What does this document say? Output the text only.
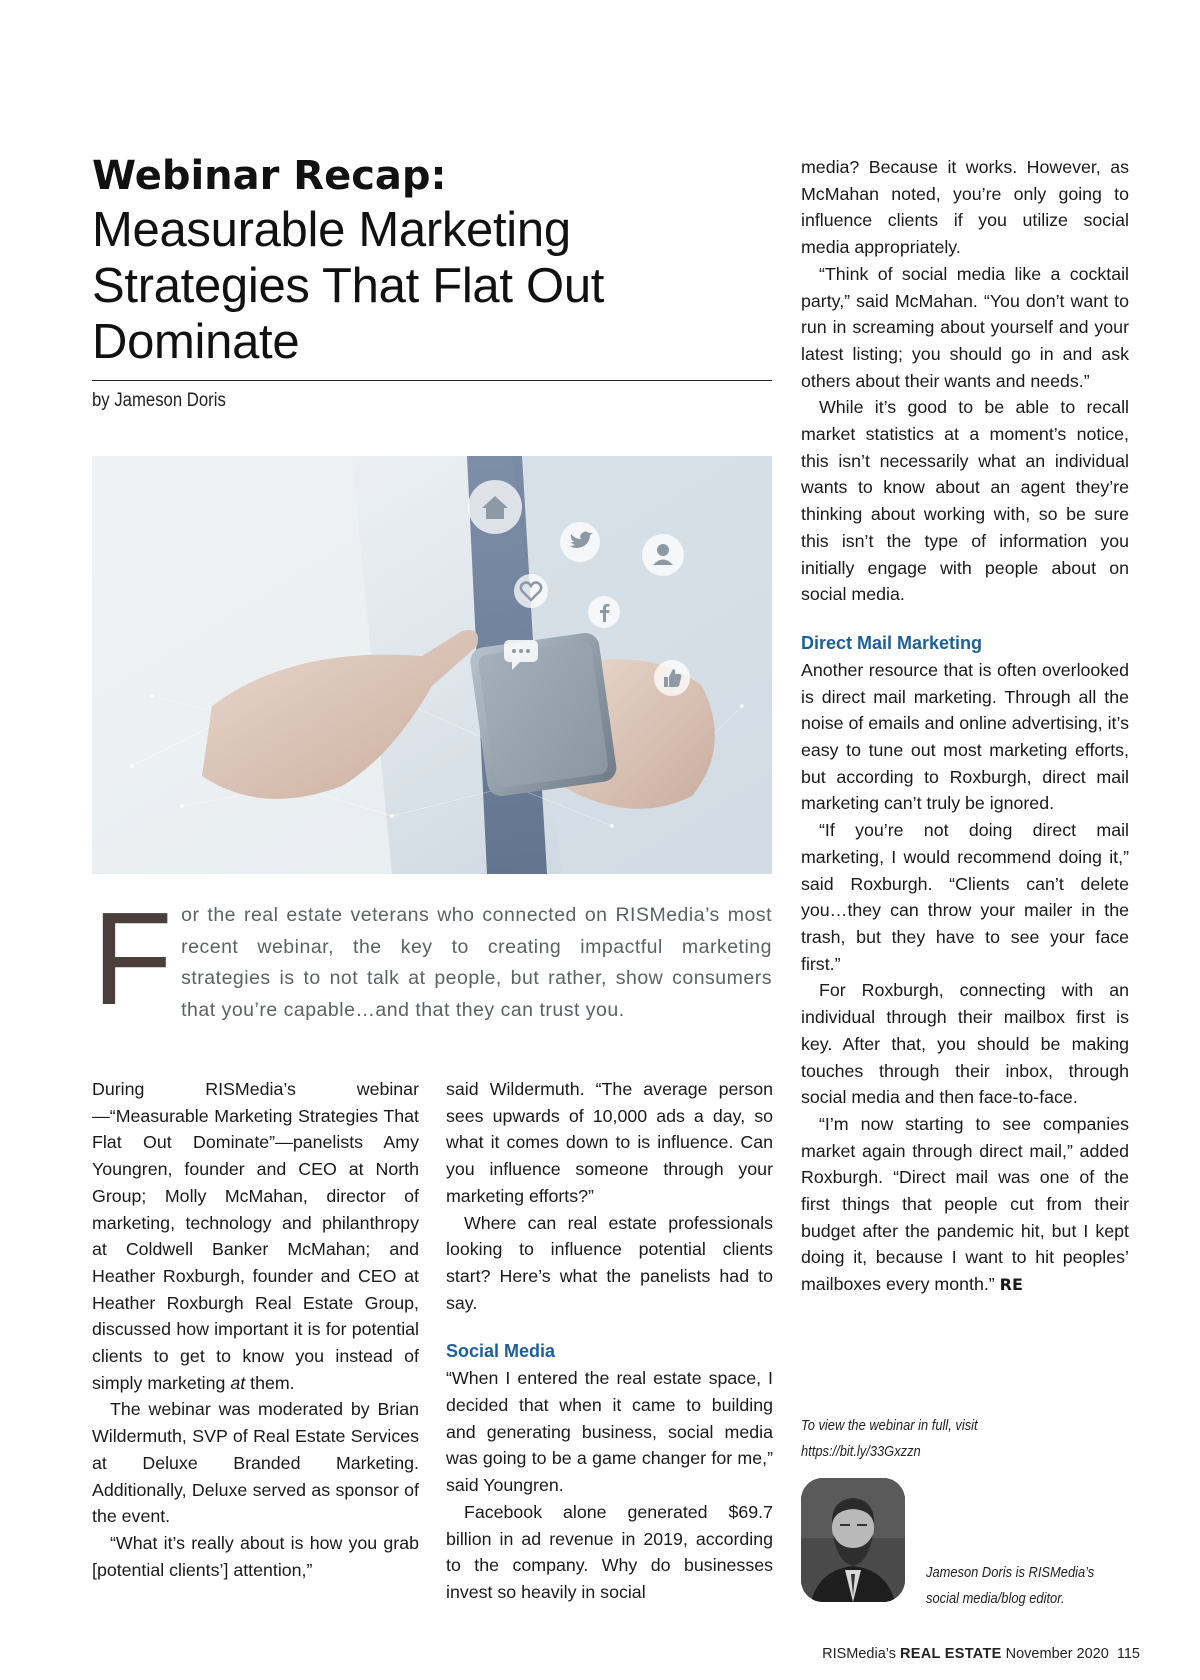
Webinar Recap:
Measurable Marketing
Strategies That Flat Out
Dominate
by Jameson Doris
F or the real estate veterans who connected on RISMedia’s most recent webinar, the key to creating impactful marketing strategies is to not talk at people, but rather, show consumers that you’re capable…and that they can trust you.

During RISMedia’s webinar—“Measurable Marketing Strategies That Flat Out Dominate”—panelists Amy Youngren, founder and CEO at North Group; Molly McMahan, director of marketing, technology and philanthropy at Coldwell Banker McMahan; and Heather Roxburgh, founder and CEO at Heather Roxburgh Real Estate Group, discussed how important it is for potential clients to get to know you instead of simply marketing at them.

The webinar was moderated by Brian Wildermuth, SVP of Real Estate Services at Deluxe Branded Marketing. Additionally, Deluxe served as sponsor of the event.

“What it’s really about is how you grab [potential clients’] attention,”

said Wildermuth. “The average person sees upwards of 10,000 ads a day, so what it comes down to is influence. Can you influence someone through your marketing efforts?”

Where can real estate professionals looking to influence potential clients start? Here’s what the panelists had to say.

Social Media

“When I entered the real estate space, I decided that when it came to building and generating business, social media was going to be a game changer for me,” said Youngren.

Facebook alone generated $69.7 billion in ad revenue in 2019, according to the company. Why do businesses invest so heavily in social

media? Because it works. However, as McMahan noted, you’re only going to influence clients if you utilize social media appropriately.

“Think of social media like a cocktail party,” said McMahan. “You don’t want to run in screaming about yourself and your latest listing; you should go in and ask others about their wants and needs.”

While it’s good to be able to recall market statistics at a moment’s notice, this isn’t necessarily what an individual wants to know about an agent they’re thinking about working with, so be sure this isn’t the type of information you initially engage with people about on social media.

Direct Mail Marketing

Another resource that is often overlooked is direct mail marketing. Through all the noise of emails and online advertising, it’s easy to tune out most marketing efforts, but according to Roxburgh, direct mail marketing can’t truly be ignored.

“If you’re not doing direct mail marketing, I would recommend doing it,” said Roxburgh. “Clients can’t delete you…they can throw your mailer in the trash, but they have to see your face first.”

For Roxburgh, connecting with an individual through their mailbox first is key. After that, you should be making touches through their inbox, through social media and then face-to-face.

“I’m now starting to see companies market again through direct mail,” added Roxburgh. “Direct mail was one of the first things that people cut from their budget after the pandemic hit, but I kept doing it, because I want to hit peoples’ mailboxes every month.” RE

To view the webinar in full, visit
https://bit.ly/33Gxzzn
Jameson Doris is RISMedia’s
social media/blog editor.
RISMedia’s REAL ESTATE November 2020 115
